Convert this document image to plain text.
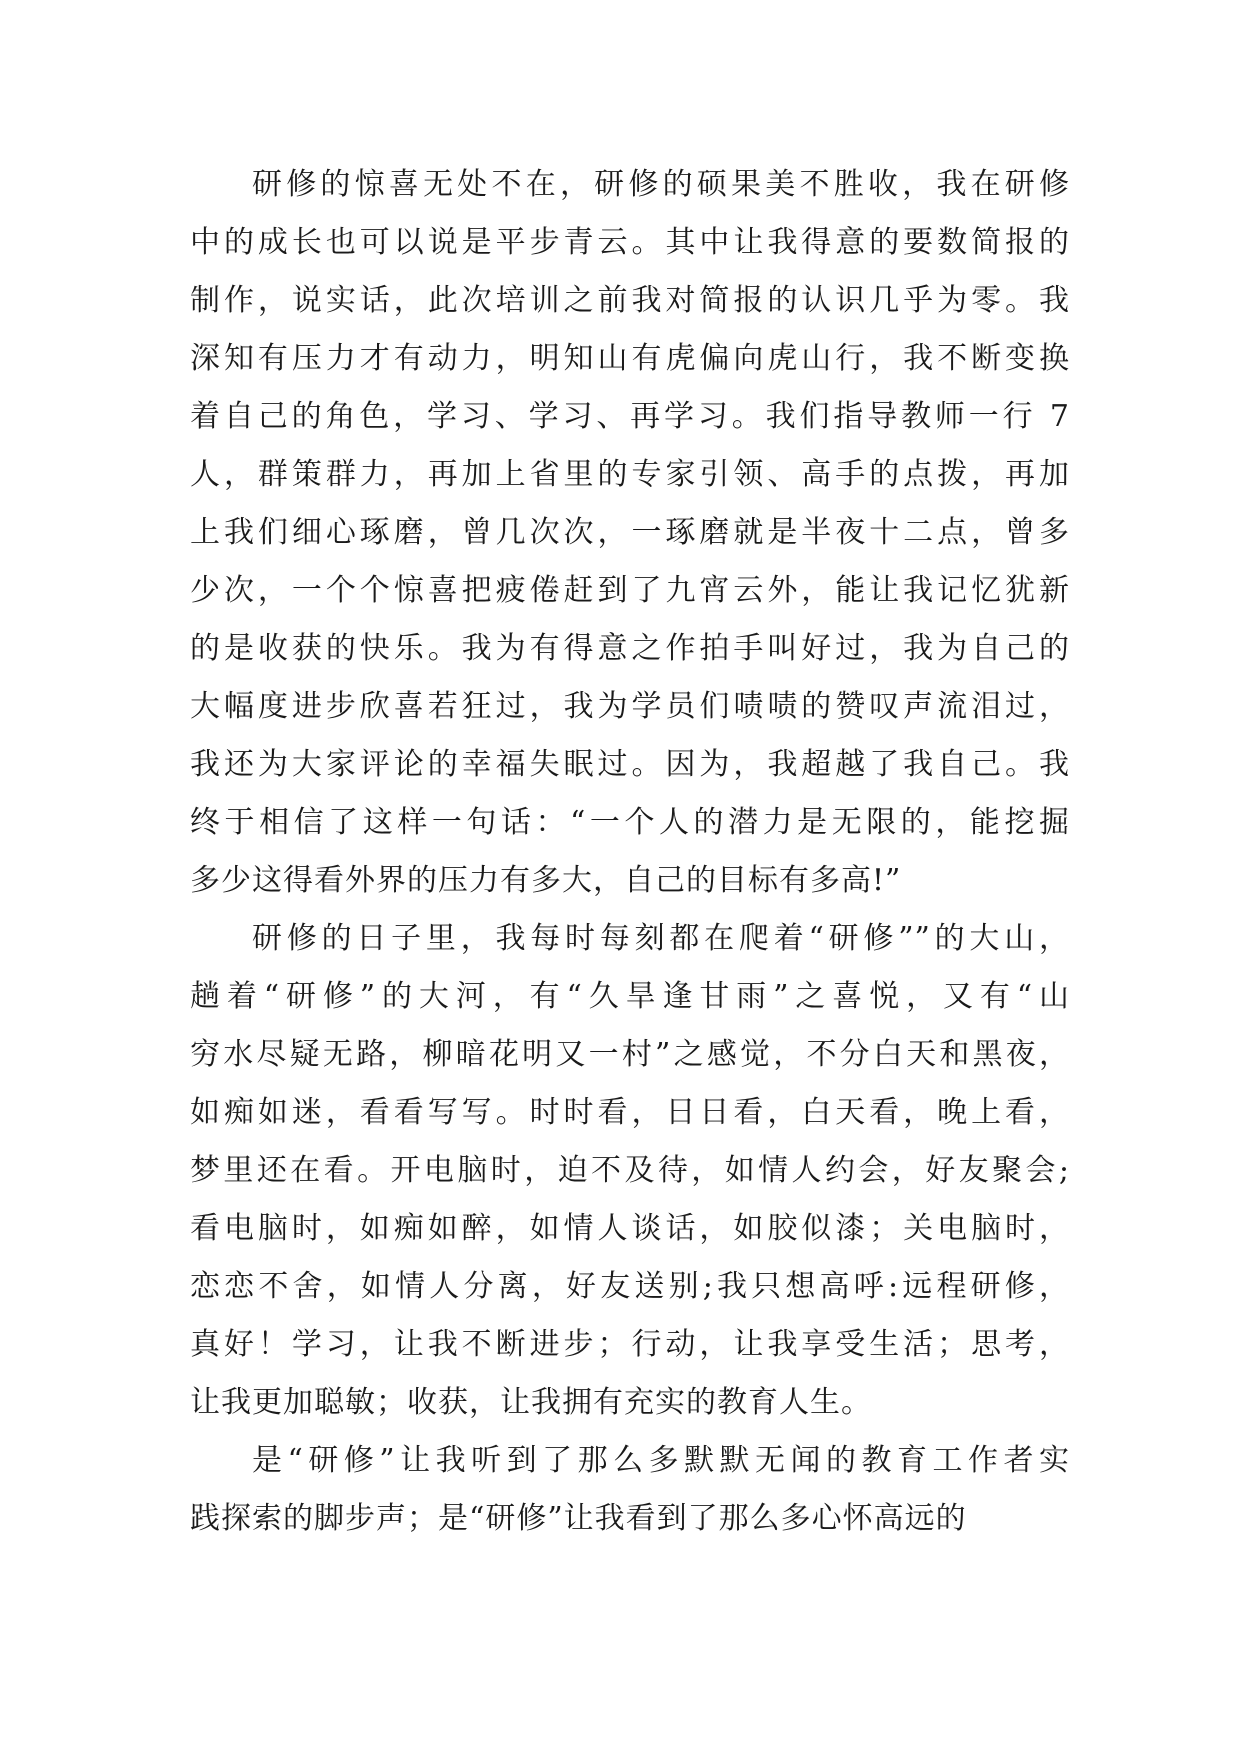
研修的惊喜无处不在，研修的硕果美不胜收，我在研修
中的成长也可以说是平步青云。其中让我得意的要数简报的
制作，说实话，此次培训之前我对简报的认识几乎为零。我
深知有压力才有动力，明知山有虎偏向虎山行，我不断变换
着自己的角色，学习、学习、再学习。我们指导教师一行 7
人，群策群力，再加上省里的专家引领、高手的点拨，再加
上我们细心琢磨，曾几次次，一琢磨就是半夜十二点，曾多
少次，一个个惊喜把疲倦赶到了九宵云外，能让我记忆犹新
的是收获的快乐。我为有得意之作拍手叫好过，我为自己的
大幅度进步欣喜若狂过，我为学员们啧啧的赞叹声流泪过，
我还为大家评论的幸福失眠过。因为，我超越了我自己。我
终于相信了这样一句话：“一个人的潜力是无限的，能挖掘
多少这得看外界的压力有多大，自己的目标有多高!”
研修的日子里，我每时每刻都在爬着“研修””的大山，
趟着“研修”的大河，有“久旱逢甘雨”之喜悦，又有“山
穷水尽疑无路，柳暗花明又一村”之感觉，不分白天和黑夜，
如痴如迷，看看写写。时时看，日日看，白天看，晚上看，
梦里还在看。开电脑时，迫不及待，如情人约会，好友聚会;
看电脑时，如痴如醉，如情人谈话，如胶似漆；关电脑时，
恋恋不舍，如情人分离，好友送别;我只想高呼:远程研修，
真好！学习，让我不断进步；行动，让我享受生活；思考，
让我更加聪敏；收获，让我拥有充实的教育人生。
是“研修”让我听到了那么多默默无闻的教育工作者实
践探索的脚步声；是“研修”让我看到了那么多心怀高远的
